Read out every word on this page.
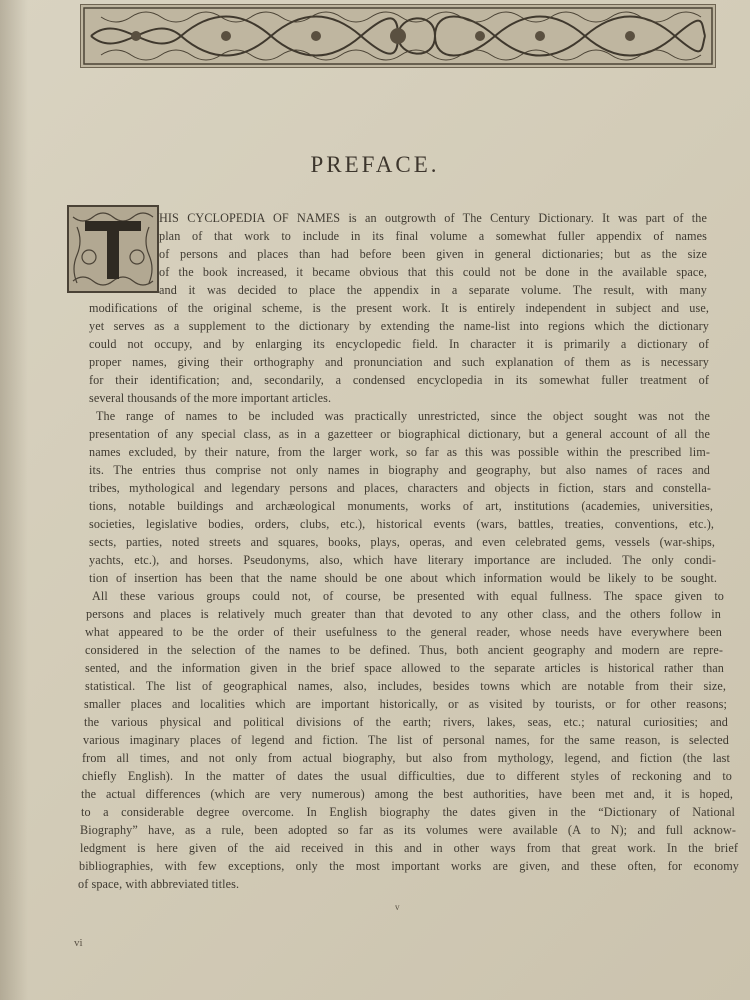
PREFACE.
HIS CYCLOPEDIA OF NAMES is an outgrowth of The Century Dictionary. It was part of the
plan of that work to include in its final volume a somewhat fuller appendix of names
of persons and places than had before been given in general dictionaries; but as the size
of the book increased, it became obvious that this could not be done in the available space,
and it was decided to place the appendix in a separate volume. The result, with many
modifications of the original scheme, is the present work. It is entirely independent in subject and use,
yet serves as a supplement to the dictionary by extending the name-list into regions which the dictionary
could not occupy, and by enlarging its encyclopedic field. In character it is primarily a dictionary of
proper names, giving their orthography and pronunciation and such explanation of them as is necessary
for their identification; and, secondarily, a condensed encyclopedia in its somewhat fuller treatment of
several thousands of the more important articles.
The range of names to be included was practically unrestricted, since the object sought was not the
presentation of any special class, as in a gazetteer or biographical dictionary, but a general account of all the
names excluded, by their nature, from the larger work, so far as this was possible within the prescribed lim-
its. The entries thus comprise not only names in biography and geography, but also names of races and
tribes, mythological and legendary persons and places, characters and objects in fiction, stars and constella-
tions, notable buildings and archæological monuments, works of art, institutions (academies, universities,
societies, legislative bodies, orders, clubs, etc.), historical events (wars, battles, treaties, conventions, etc.),
sects, parties, noted streets and squares, books, plays, operas, and even celebrated gems, vessels (war-ships,
yachts, etc.), and horses. Pseudonyms, also, which have literary importance are included. The only condi-
tion of insertion has been that the name should be one about which information would be likely to be sought.
All these various groups could not, of course, be presented with equal fullness. The space given to
persons and places is relatively much greater than that devoted to any other class, and the others follow in
what appeared to be the order of their usefulness to the general reader, whose needs have everywhere been
considered in the selection of the names to be defined. Thus, both ancient geography and modern are repre-
sented, and the information given in the brief space allowed to the separate articles is historical rather than
statistical. The list of geographical names, also, includes, besides towns which are notable from their size,
smaller places and localities which are important historically, or as visited by tourists, or for other reasons;
the various physical and political divisions of the earth; rivers, lakes, seas, etc.; natural curiosities; and
various imaginary places of legend and fiction. The list of personal names, for the same reason, is selected
from all times, and not only from actual biography, but also from mythology, legend, and fiction (the last
chiefly English). In the matter of dates the usual difficulties, due to different styles of reckoning and to
the actual differences (which are very numerous) among the best authorities, have been met and, it is hoped,
to a considerable degree overcome. In English biography the dates given in the “Dictionary of National
Biography” have, as a rule, been adopted so far as its volumes were available (A to N); and full acknow-
ledgment is here given of the aid received in this and in other ways from that great work. In the brief
bibliographies, with few exceptions, only the most important works are given, and these often, for economy
of space, with abbreviated titles.
v
vi
